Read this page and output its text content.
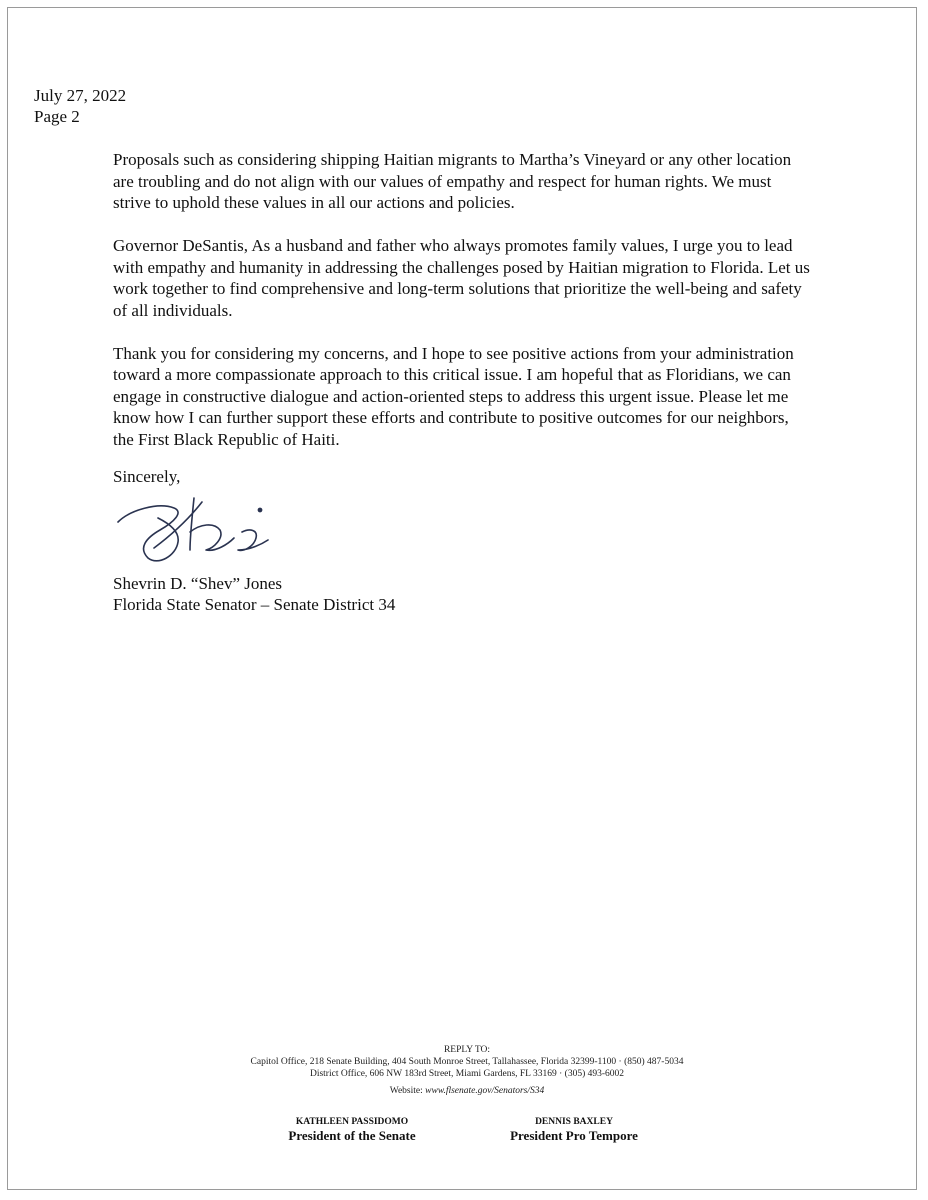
July 27, 2022
Page 2

Proposals such as considering shipping Haitian migrants to Martha’s Vineyard or any other location are troubling and do not align with our values of empathy and respect for human rights. We must strive to uphold these values in all our actions and policies.

Governor DeSantis, As a husband and father who always promotes family values, I urge you to lead with empathy and humanity in addressing the challenges posed by Haitian migration to Florida. Let us work together to find comprehensive and long-term solutions that prioritize the well-being and safety of all individuals.

Thank you for considering my concerns, and I hope to see positive actions from your administration toward a more compassionate approach to this critical issue. I am hopeful that as Floridians, we can engage in constructive dialogue and action-oriented steps to address this urgent issue. Please let me know how I can further support these efforts and contribute to positive outcomes for our neighbors, the First Black Republic of Haiti.

Sincerely,
Shevrin D. “Shev” Jones
Florida State Senator – Senate District 34
REPLY TO:
Capitol Office, 218 Senate Building, 404 South Monroe Street, Tallahassee, Florida 32399-1100 · (850) 487-5034
District Office, 606 NW 183rd Street, Miami Gardens, FL 33169 · (305) 493-6002
Website: www.flsenate.gov/Senators/S34
KATHLEEN PASSIDOMO
President of the Senate
DENNIS BAXLEY
President Pro Tempore
